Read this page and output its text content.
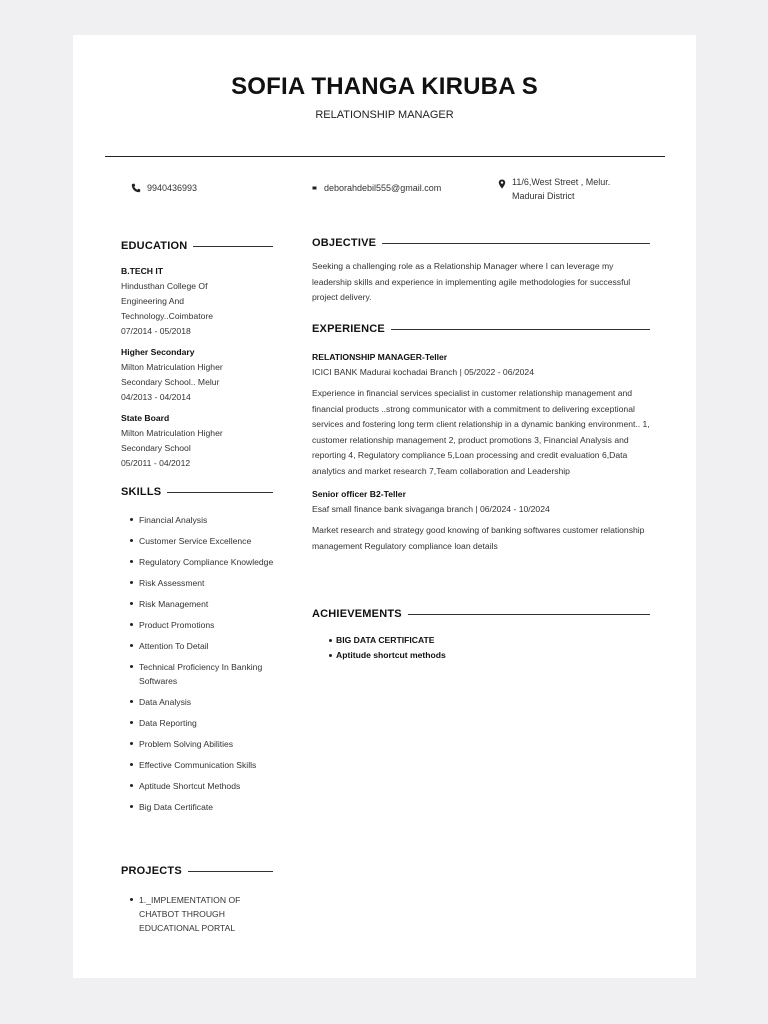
SOFIA THANGA KIRUBA S
RELATIONSHIP MANAGER
9940436993	deborahdebil555@gmail.com
11/6,West Street , Melur.
Madurai District
EDUCATION
B.TECH IT
Hindusthan College Of
Engineering And
Technology..Coimbatore
07/2014 - 05/2018
Higher Secondary
Milton Matriculation Higher
Secondary School.. Melur
04/2013 - 04/2014
State Board
Milton Matriculation Higher
Secondary School
05/2011 - 04/2012
SKILLS
Financial Analysis
Customer Service Excellence
Regulatory Compliance Knowledge
Risk Assessment
Risk Management
Product Promotions
Attention To Detail
Technical Proficiency In Banking Softwares
Data Analysis
Data Reporting
Problem Solving Abilities
Effective Communication Skills
Aptitude Shortcut Methods
Big Data Certificate
PROJECTS
1._IMPLEMENTATION OF CHATBOT THROUGH EDUCATIONAL PORTAL
OBJECTIVE

Seeking a challenging role as a Relationship Manager where I can leverage my leadership skills and experience in implementing agile methodologies for successful project delivery.

EXPERIENCE
RELATIONSHIP MANAGER-Teller
ICICI BANK Madurai kochadai Branch | 05/2022 - 06/2024

Experience in financial services specialist in customer relationship management and financial products ..strong communicator with a commitment to delivering exceptional services and fostering long term client relationship in a dynamic banking environment.. 1, customer relationship management 2, product promotions 3, Financial Analysis and reporting 4, Regulatory compliance 5,Loan processing and credit evaluation 6,Data analytics and market research 7,Team collaboration and Leadership

Senior officer B2-Teller
Esaf small finance bank sivaganga branch | 06/2024 - 10/2024

Market research and strategy good knowing of banking softwares customer relationship management Regulatory compliance loan details

ACHIEVEMENTS
BIG DATA CERTIFICATE
Aptitude shortcut methods
